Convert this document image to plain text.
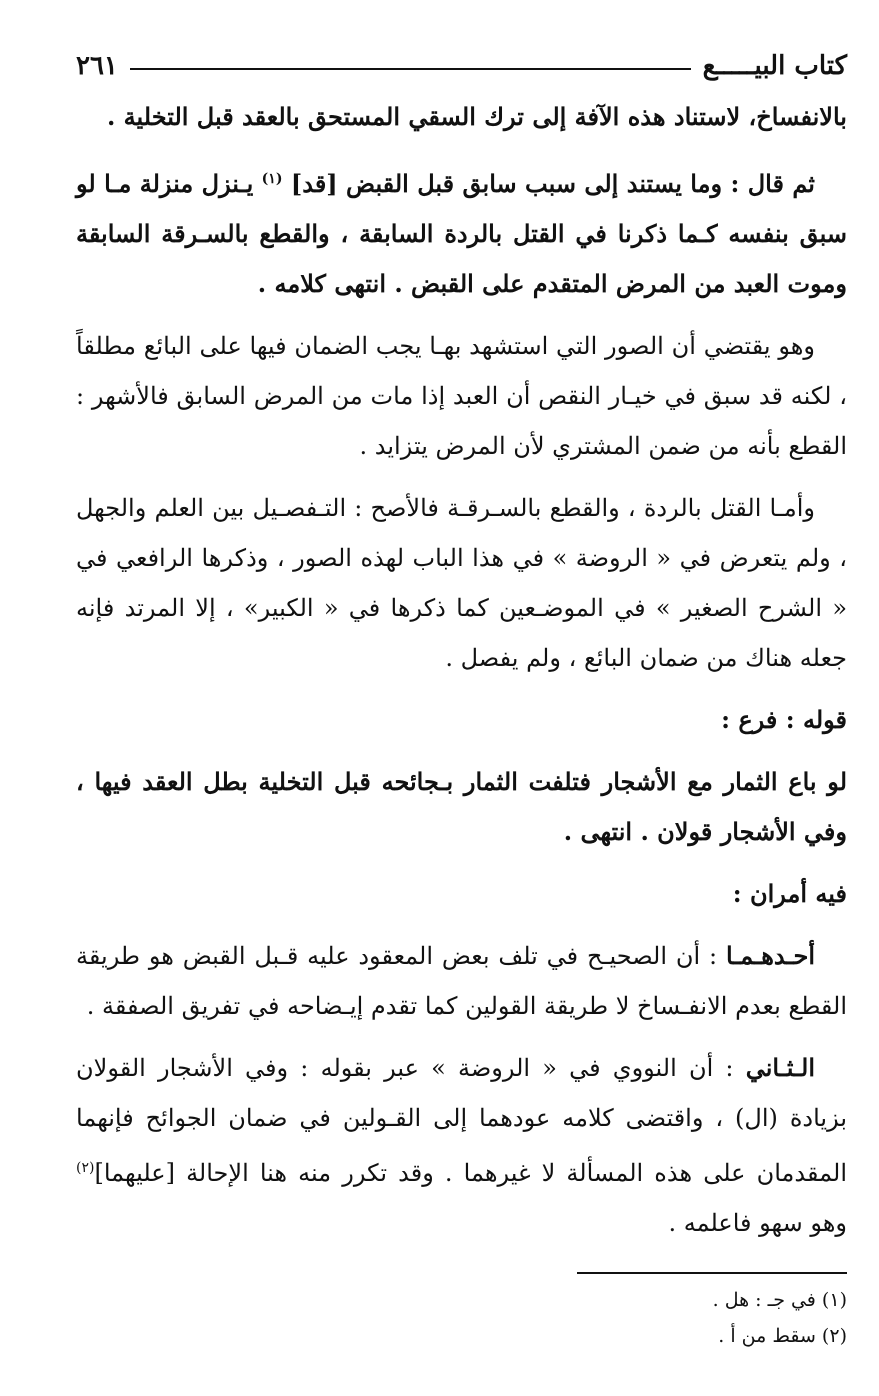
كتاب البيـــــع
٢٦١

بالانفساخ، لاستناد هذه الآفة إلى ترك السقي المستحق بالعقد قبل التخلية .

ثم قال : وما يستند إلى سبب سابق قبل القبض [قد] $^{(١)}$ يـنزل منزلة مـا لو سبق بنفسه كـما ذكرنا في القتل بالردة السابقة ، والقطع بالسـرقة السابقة وموت العبد من المرض المتقدم على القبض . انتهى كلامه .

وهو يقتضي أن الصور التي استشهد بهـا يجب الضمان فيها على البائع مطلقاً ، لكنه قد سبق في خيـار النقص أن العبد إذا مات من المرض السابق فالأشهر : القطع بأنه من ضمن المشتري لأن المرض يتزايد .

وأمـا القتل بالردة ، والقطع بالسـرقـة فالأصح : التـفصـيل بين العلم والجهل ، ولم يتعرض في « الروضة » في هذا الباب لهذه الصور ، وذكرها الرافعي في « الشرح الصغير » في الموضـعين كما ذكرها في « الكبير» ، إلا المرتد فإنه جعله هناك من ضمان البائع ، ولم يفصل .

قوله : فرع :

لو باع الثمار مع الأشجار فتلفت الثمار بـجائحه قبل التخلية بطل العقد فيها ، وفي الأشجار قولان . انتهى .

فيه أمران :

أحـدهـمـا : أن الصحيـح في تلف بعض المعقود عليه قـبل القبض هو طريقة القطع بعدم الانفـساخ لا طريقة القولين كما تقدم إيـضاحه في تفريق الصفقة .

الـثـاني : أن النووي في « الروضة » عبر بقوله : وفي الأشجار القولان بزيادة (ال) ، واقتضى كلامه عودهما إلى القـولين في ضمان الجوائح فإنهما المقدمان على هذه المسألة لا غيرهما . وقد تكرر منه هنا الإحالة [عليهما]$^{(٢)}$ وهو سهو فاعلمه .

(١) في جـ : هل .

(٢) سقط من أ .
